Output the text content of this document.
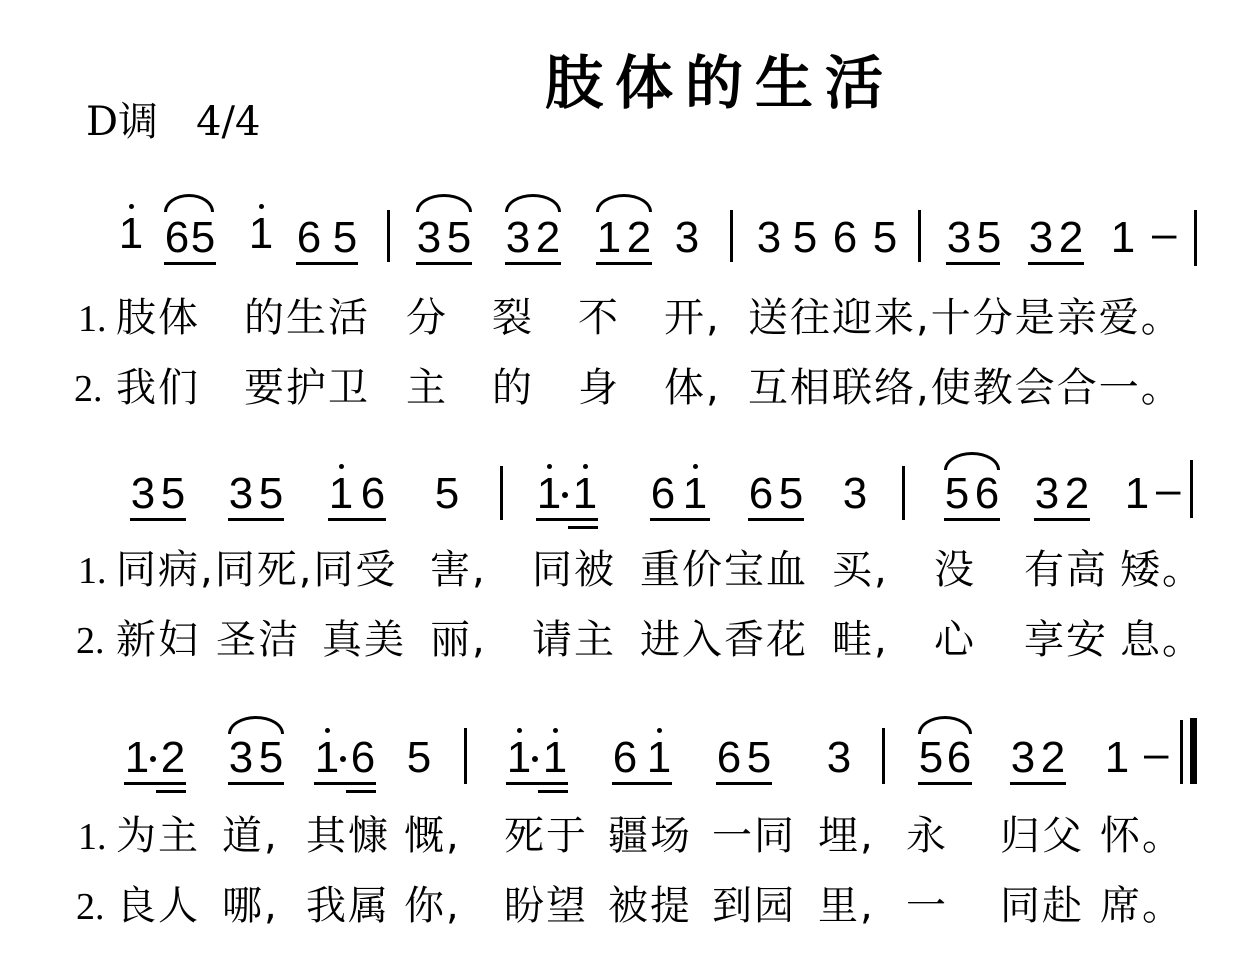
肢体的生活
D调 4/4
1 6 5 1 6 5 3 5 3 2 1 2 3 3 5 6 5 3 5 3 2 1 –
1. 肢体 的生活 分 裂 不 开, 送往迎来,十分是亲爱。
2. 我们 要护卫 主 的 身 体, 互相联络,使教会合一。
3 5 3 5 1 6 5 1 1 6 1 6 5 3 5 6 3 2 1 –
1. 同病,同死,同受 害, 同被 重价宝血 买, 没 有高 矮。
2. 新妇 圣洁 真美 丽, 请主 进入香花 畦, 心 享安 息。
1 2 3 5 1 6 5 1 1 6 1 6 5 3 5 6 3 2 1 –
1. 为主 道, 其慷 慨, 死于 疆场 一同 埋, 永 归父 怀。
2. 良人 哪, 我属 你, 盼望 被提 到园 里, 一 同赴 席。
